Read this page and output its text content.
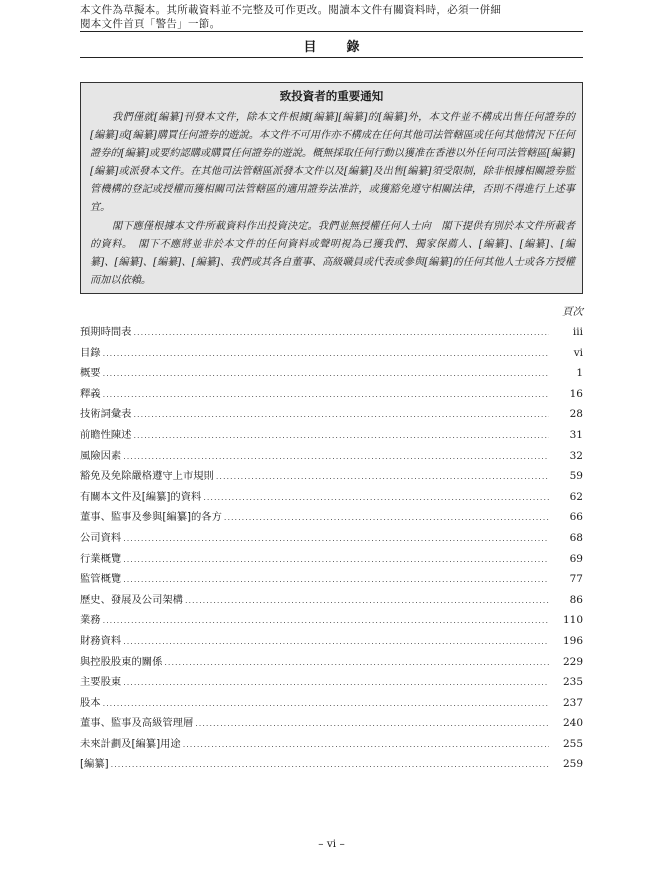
本文件為草擬本。其所載資料並不完整及可作更改。閱讀本文件有關資料時，必須一併細
閱本文件首頁「警告」一節。
目錄
致投資者的重要通知
我們僅就[編纂]刊發本文件，除本文件根據[編纂][編纂]的[編纂]外，本文件並不構成出售任何證券的[編纂]或[編纂]購買任何證券的遊說。本文件不可用作亦不構成在任何其他司法管轄區或任何其他情況下任何證券的[編纂]或要約認購或購買任何證券的遊說。概無採取任何行動以獲准在香港以外任何司法管轄區[編纂][編纂]或派發本文件。在其他司法管轄區派發本文件以及[編纂]及出售[編纂]須受限制，除非根據相關證券監管機構的登記或授權而獲相關司法管轄區的適用證券法准許，或獲豁免遵守相關法律，否則不得進行上述事宜。
閣下應僅根據本文件所載資料作出投資決定。我們並無授權任何人士向　閣下提供有別於本文件所載者的資料。　閣下不應將並非於本文件的任何資料或聲明視為已獲我們、獨家保薦人、[編纂]、[編纂]、[編纂]、[編纂]、[編纂]、[編纂]、我們或其各自董事、高級職員或代表或參與[編纂]的任何其他人士或各方授權而加以依賴。
頁次
預期時間表 .....	iii
目錄 .....	vi
概要 .....	1
釋義 .....	16
技術詞彙表 .....	28
前瞻性陳述 .....	31
風險因素 .....	32
豁免及免除嚴格遵守上市規則 .....	59
有關本文件及[編纂]的資料 .....	62
董事、監事及參與[編纂]的各方 .....	66
公司資料 .....	68
行業概覽 .....	69
監管概覽 .....	77
歷史、發展及公司架構 .....	86
業務 .....	110
財務資料 .....	196
與控股股東的關係 .....	229
主要股東 .....	235
股本 .....	237
董事、監事及高級管理層 .....	240
未來計劃及[編纂]用途 .....	255
[編纂] .....	259
– vi –
